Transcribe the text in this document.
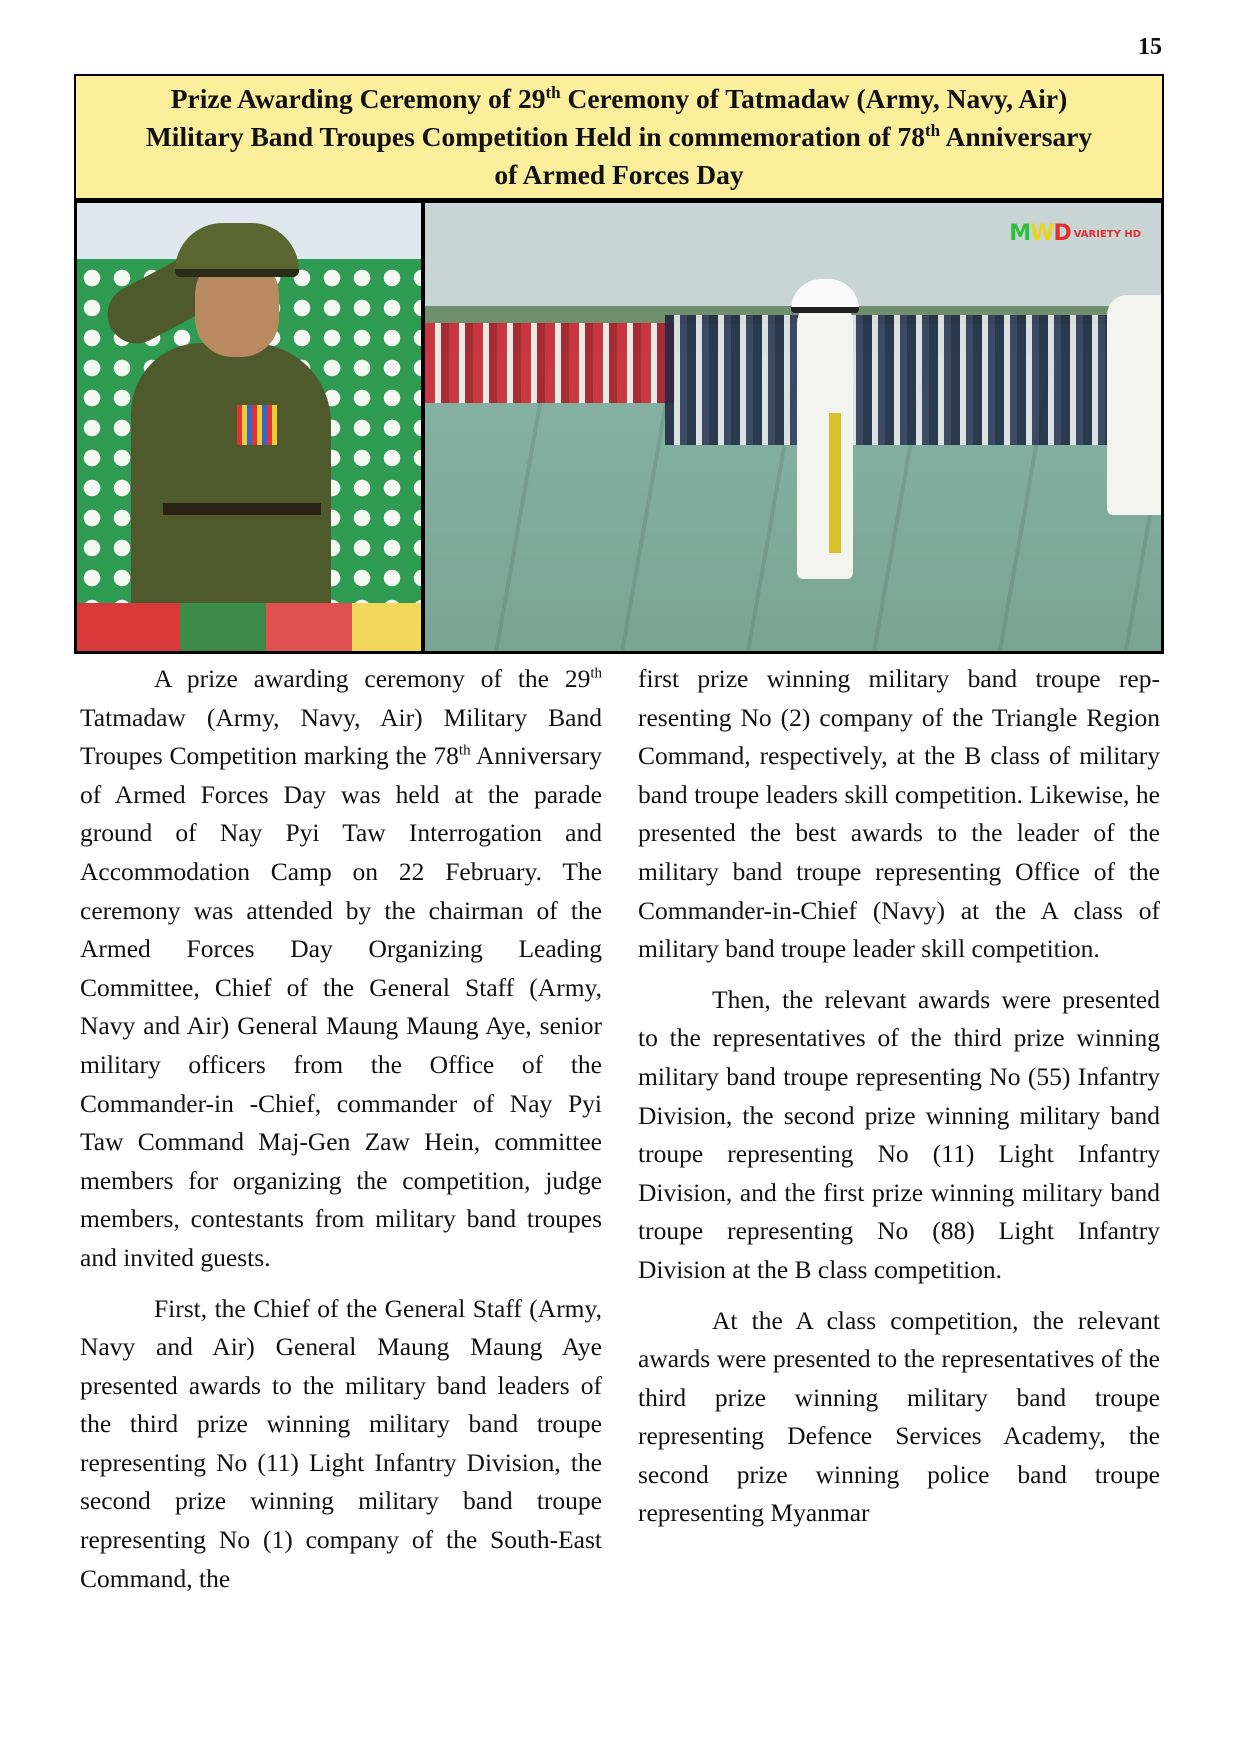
15
Prize Awarding Ceremony of 29th Ceremony of Tatmadaw (Army, Navy, Air)
Military Band Troupes Competition Held in commemoration of 78th Anniversary
of Armed Forces Day
MWD VARIETY HD

A prize awarding ceremony of the 29th Tatmadaw (Army, Navy, Air) Military Band Troupes Competition marking the 78th Anniversary of Armed Forces Day was held at the parade ground of Nay Pyi Taw Interrogation and Accommodation Camp on 22 February. The ceremony was attended by the chairman of the Armed Forces Day Organizing Leading Committee, Chief of the General Staff (Army, Navy and Air) General Maung Maung Aye, senior military officers from the Office of the Commander-in -Chief, commander of Nay Pyi Taw Command Maj-Gen Zaw Hein, committee members for organizing the competition, judge members, contestants from military band troupes and invited guests.

First, the Chief of the General Staff (Army, Navy and Air) General Maung Maung Aye presented awards to the military band leaders of the third prize winning military band troupe representing No (11) Light Infantry Division, the second prize winning military band troupe representing No (1) company of the South-East Command, the

first prize winning military band troupe representing No (2) company of the Triangle Region Command, respectively, at the B class of military band troupe leaders skill competition. Likewise, he presented the best awards to the leader of the military band troupe representing Office of the Commander-in-Chief (Navy) at the A class of military band troupe leader skill competition.

Then, the relevant awards were presented to the representatives of the third prize winning military band troupe representing No (55) Infantry Division, the second prize winning military band troupe representing No (11) Light Infantry Division, and the first prize winning military band troupe representing No (88) Light Infantry Division at the B class competition.

At the A class competition, the relevant awards were presented to the representatives of the third prize winning military band troupe representing Defence Services Academy, the second prize winning police band troupe representing Myanmar
